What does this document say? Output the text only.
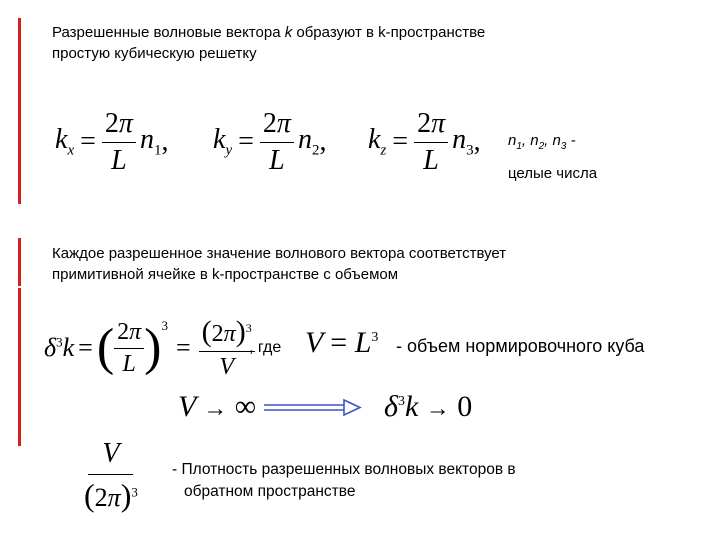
Разрешенные волновые вектора k образуют в k-пространстве
простую кубическую решетку
$k_x = \frac{2\pi}{L} n_1$ , $k_y = \frac{2\pi}{L} n_2$ , $k_z = \frac{2\pi}{L} n_3$ , $n_1$, $n_2$, $n_3$ -
целые числа
Каждое разрешенное значение волнового вектора соответствует
примитивной ячейке в k-пространстве с объемом
$\delta^3k$ = ( $\frac{2\pi}{L} )^3$
= $\frac{(2\pi)^3}{V}$
, где $V = L^3$ - объем нормировочного куба
V → ∞	$\delta^3k \to 0$
$\frac{V}{(2\pi)^3}$ - Плотность разрешенных волновых векторов в
обратном пространстве
